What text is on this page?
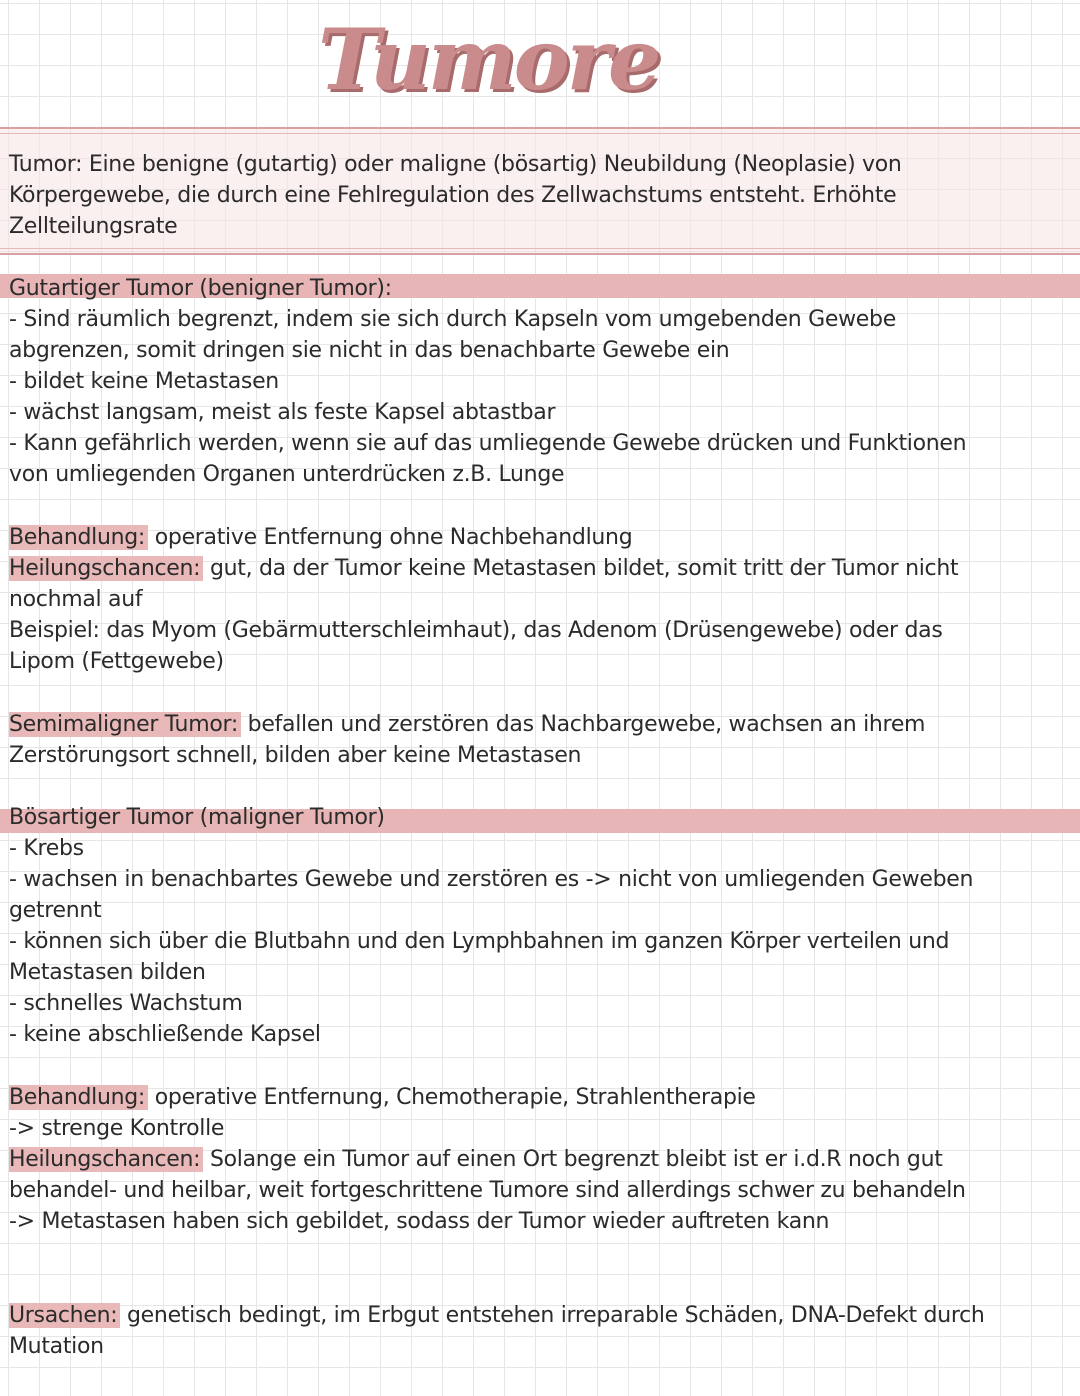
Tumore
Tumor: Eine benigne (gutartig) oder maligne (bösartig) Neubildung (Neoplasie) von
Körpergewebe, die durch eine Fehlregulation des Zellwachstums entsteht. Erhöhte
Zellteilungsrate
Gutartiger Tumor (benigner Tumor):
- Sind räumlich begrenzt, indem sie sich durch Kapseln vom umgebenden Gewebe
abgrenzen, somit dringen sie nicht in das benachbarte Gewebe ein
- bildet keine Metastasen
- wächst langsam, meist als feste Kapsel abtastbar
- Kann gefährlich werden, wenn sie auf das umliegende Gewebe drücken und Funktionen
von umliegenden Organen unterdrücken z.B. Lunge
Behandlung: operative Entfernung ohne Nachbehandlung
Heilungschancen: gut, da der Tumor keine Metastasen bildet, somit tritt der Tumor nicht
nochmal auf
Beispiel: das Myom (Gebärmutterschleimhaut), das Adenom (Drüsengewebe) oder das
Lipom (Fettgewebe)
Semimaligner Tumor: befallen und zerstören das Nachbargewebe, wachsen an ihrem
Zerstörungsort schnell, bilden aber keine Metastasen
Bösartiger Tumor (maligner Tumor)
- Krebs
- wachsen in benachbartes Gewebe und zerstören es -> nicht von umliegenden Geweben
getrennt
- können sich über die Blutbahn und den Lymphbahnen im ganzen Körper verteilen und
Metastasen bilden
- schnelles Wachstum
- keine abschließende Kapsel
Behandlung: operative Entfernung, Chemotherapie, Strahlentherapie
-> strenge Kontrolle
Heilungschancen: Solange ein Tumor auf einen Ort begrenzt bleibt ist er i.d.R noch gut
behandel- und heilbar, weit fortgeschrittene Tumore sind allerdings schwer zu behandeln
-> Metastasen haben sich gebildet, sodass der Tumor wieder auftreten kann
Ursachen: genetisch bedingt, im Erbgut entstehen irreparable Schäden, DNA-Defekt durch
Mutation
